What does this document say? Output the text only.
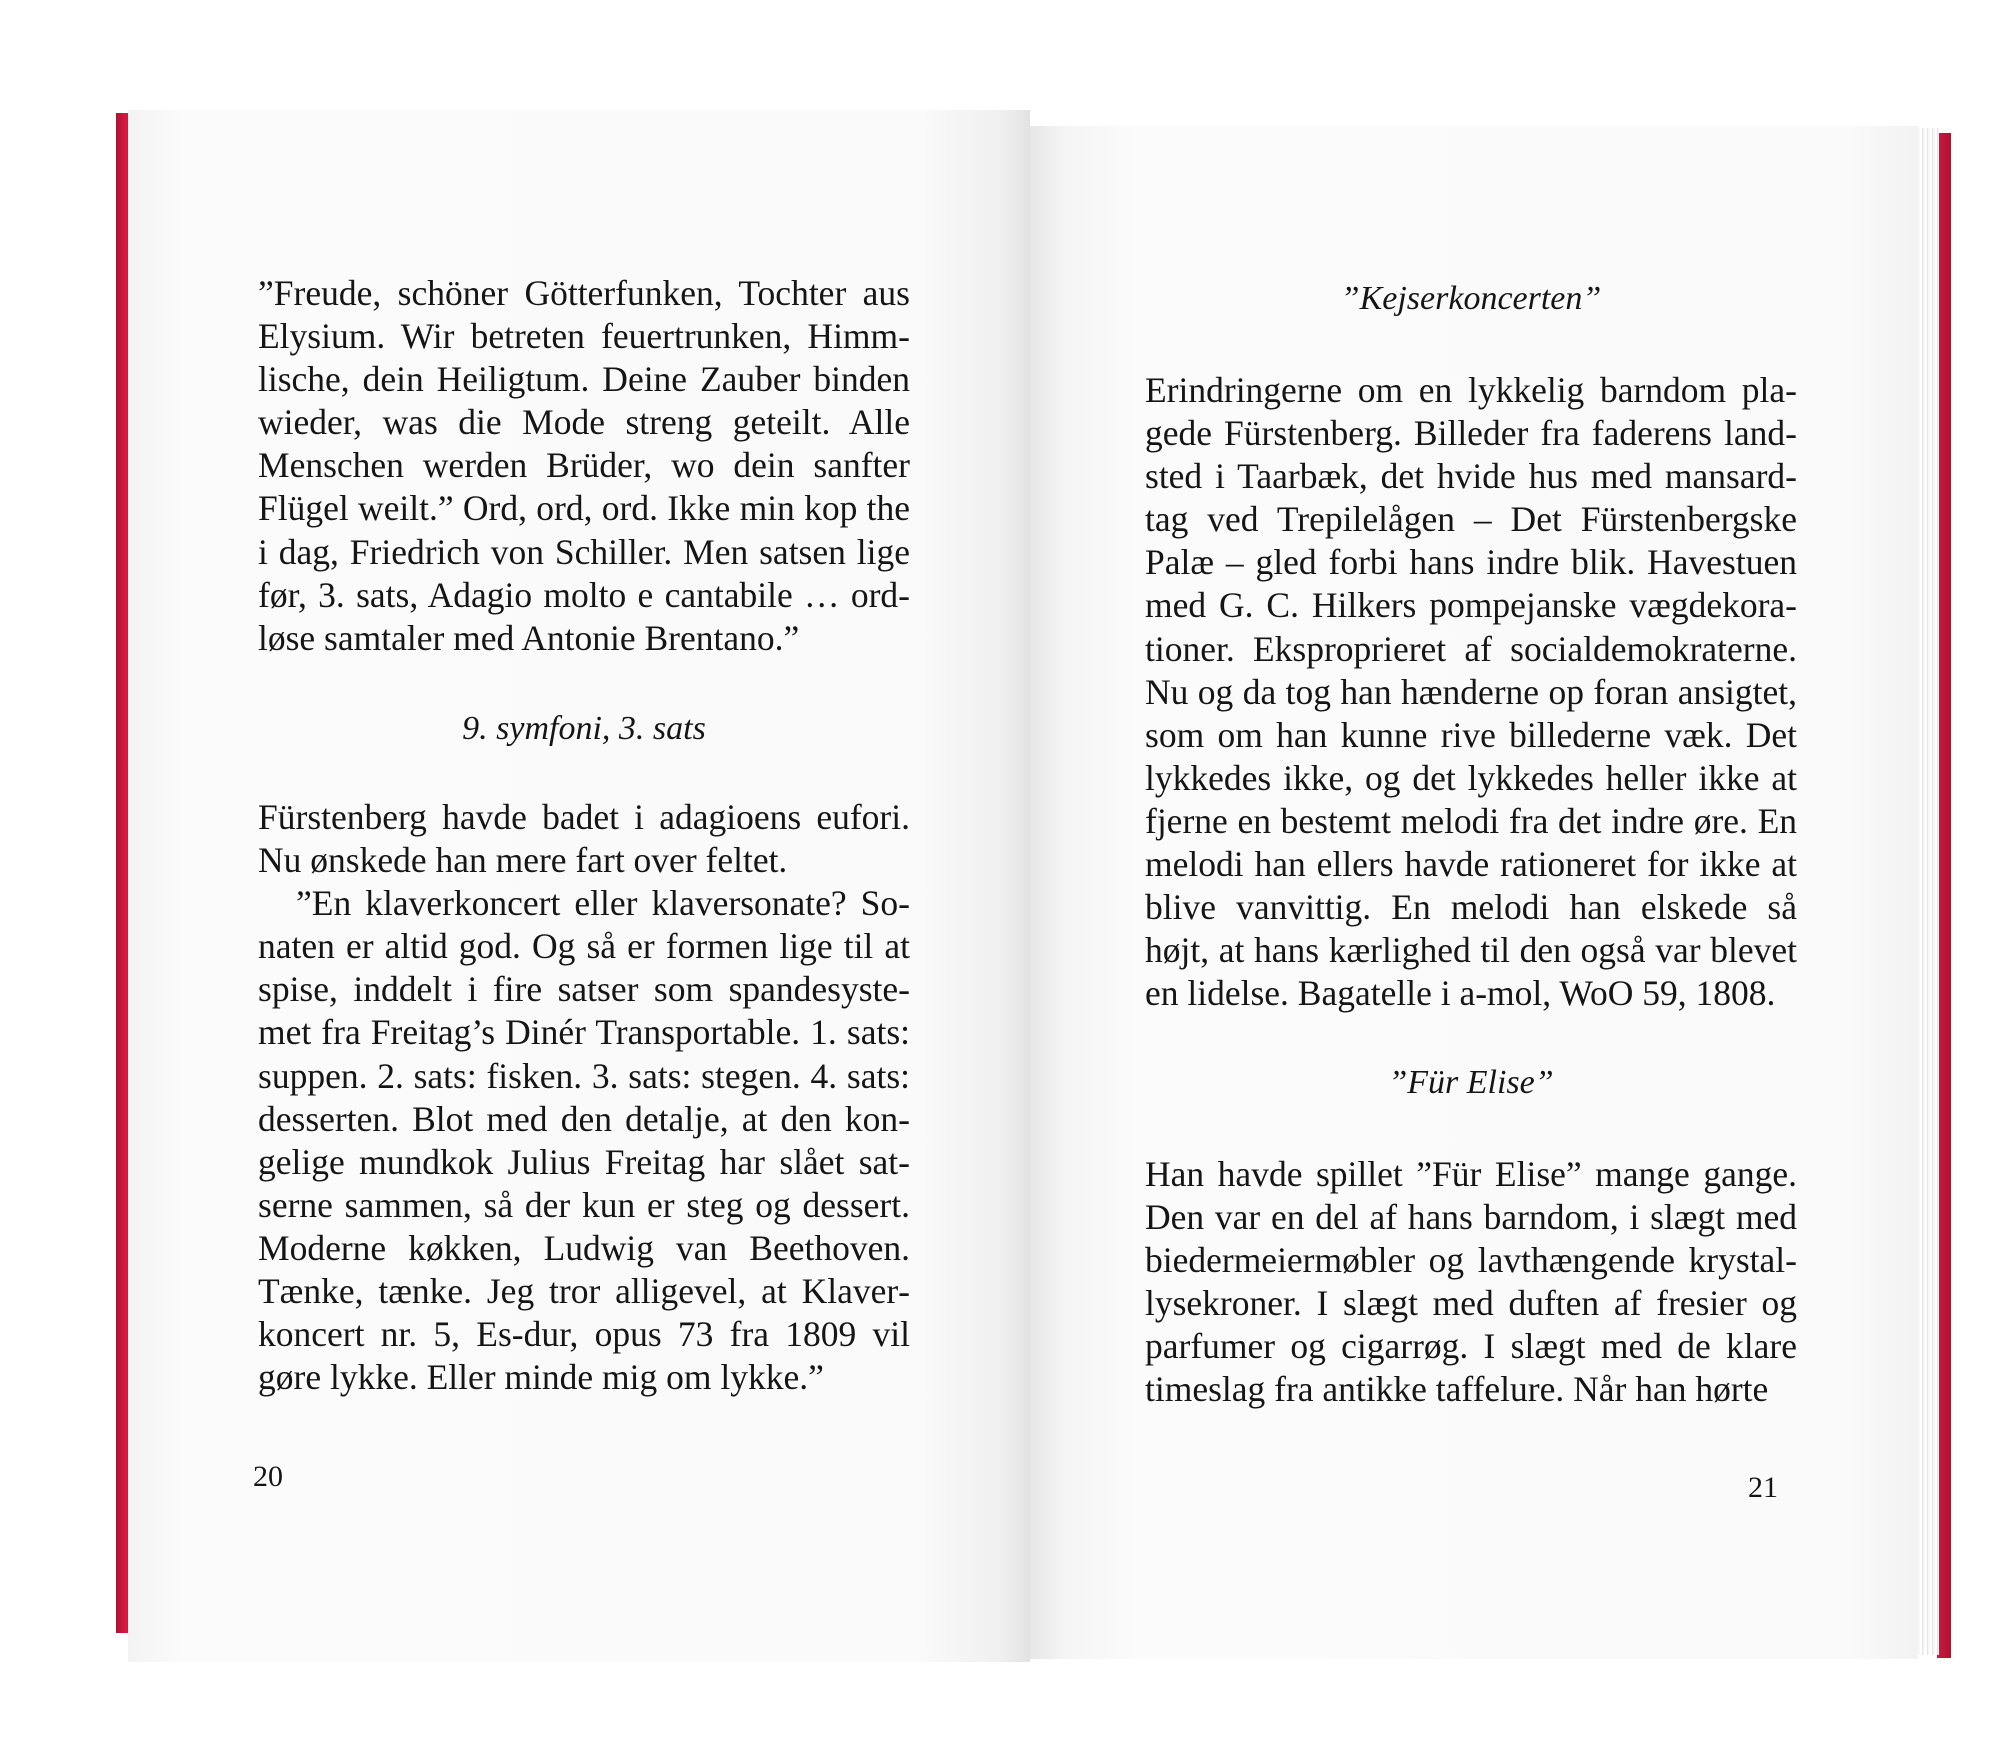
”Freude, schöner Götterfunken, Tochter aus Elysium. Wir betreten feuertrunken, Himmlische, dein Heiligtum. Deine Zauber binden wieder, was die Mode streng geteilt. Alle Menschen werden Brüder, wo dein sanfter Flügel weilt.” Ord, ord, ord. Ikke min kop the i dag, Friedrich von Schiller. Men satsen lige før, 3. sats, Adagio molto e cantabile … ordløse samtaler med Antonie Brentano.”

9. symfoni, 3. sats

Fürstenberg havde badet i adagioens eufori. Nu ønskede han mere fart over feltet.

”En klaverkoncert eller klaversonate? Sonaten er altid god. Og så er formen lige til at spise, inddelt i fire satser som spandesystemet fra Freitag’s Dinér Transportable. 1. sats: suppen. 2. sats: fisken. 3. sats: stegen. 4. sats: desserten. Blot med den detalje, at den kongelige mundkok Julius Freitag har slået satserne sammen, så der kun er steg og dessert. Moderne køkken, Ludwig van Beethoven. Tænke, tænke. Jeg tror alligevel, at Klaverkoncert nr. 5, Es-dur, opus 73 fra 1809 vil gøre lykke. Eller minde mig om lykke.”

20
”Kejserkoncerten”

Erindringerne om en lykkelig barndom plagede Fürstenberg. Billeder fra faderens landsted i Taarbæk, det hvide hus med mansardtag ved Trepilelågen – Det Fürstenbergske Palæ – gled forbi hans indre blik. Havestuen med G. C. Hilkers pompejanske vægdekorationer. Eksproprieret af socialdemokraterne. Nu og da tog han hænderne op foran ansigtet, som om han kunne rive billederne væk. Det lykkedes ikke, og det lykkedes heller ikke at fjerne en bestemt melodi fra det indre øre. En melodi han ellers havde rationeret for ikke at blive vanvittig. En melodi han elskede så højt, at hans kærlighed til den også var blevet en lidelse. Bagatelle i a-mol, WoO 59, 1808.

”Für Elise”

Han havde spillet ”Für Elise” mange gange. Den var en del af hans barndom, i slægt med biedermeiermøbler og lavthængende krystallysekroner. I slægt med duften af fresier og parfumer og cigarrøg. I slægt med de klare timeslag fra antikke taffelure. Når han hørte

21
